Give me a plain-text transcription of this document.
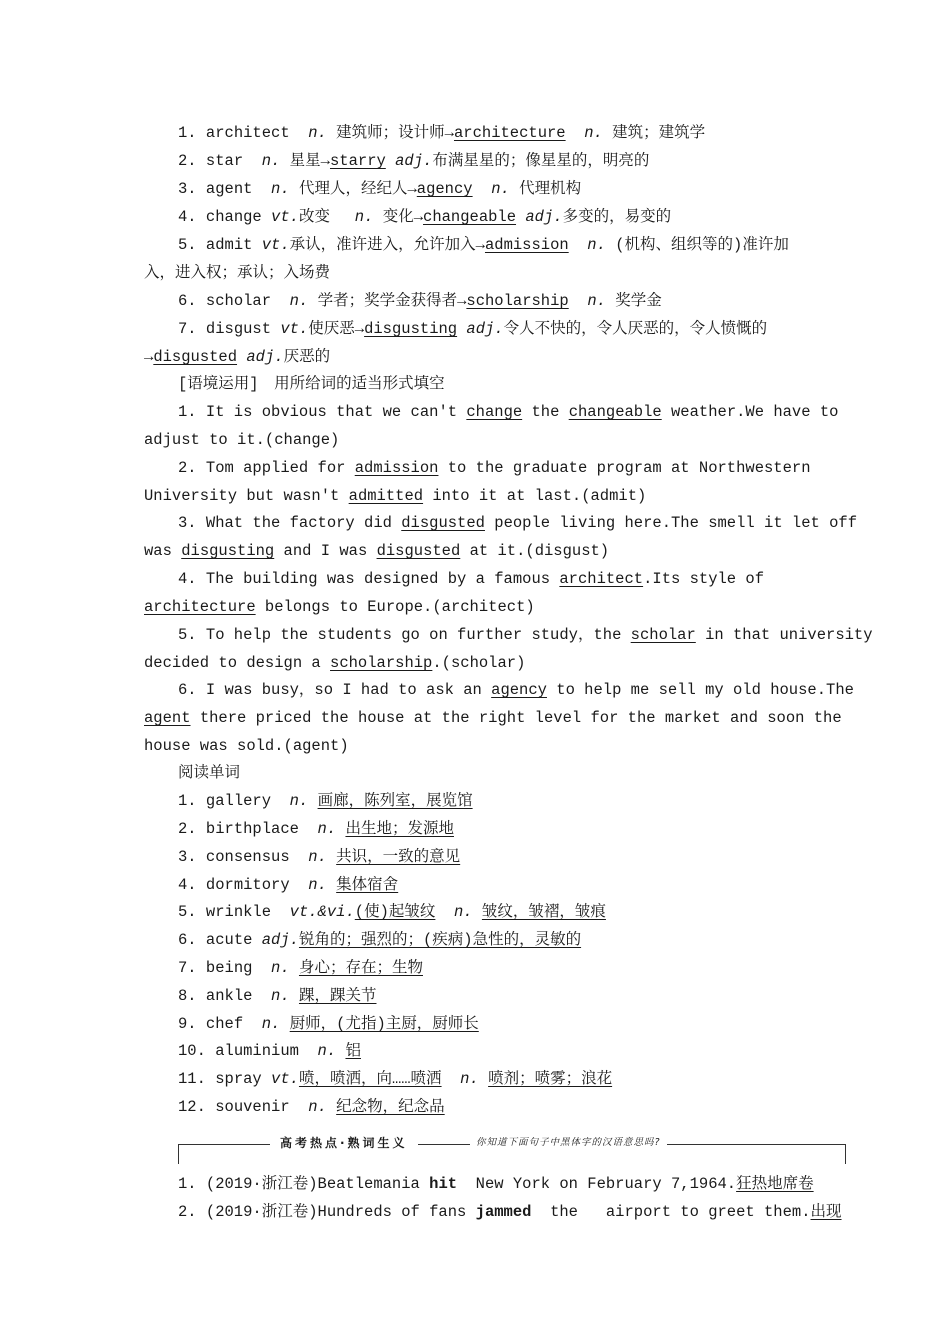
1. architect n. 建筑师；设计师→architecture n. 建筑；建筑学
2. star n. 星星→starry adj.布满星星的；像星星的，明亮的
3. agent n. 代理人，经纪人→agency n. 代理机构
4. change vt.改变　 n. 变化→changeable adj.多变的，易变的
5. admit vt.承认，准许进入，允许加入→admission n. (机构、组织等的)准许加
入，进入权；承认；入场费
6. scholar n. 学者；奖学金获得者→scholarship n. 奖学金
7. disgust vt.使厌恶→disgusting adj.令人不快的，令人厌恶的，令人愤慨的
→disgusted adj.厌恶的
[语境运用]　用所给词的适当形式填空
1. It is obvious that we can't change the changeable weather.We have to
adjust to it.(change)
2. Tom applied for admission to the graduate program at Northwestern
University but wasn't admitted into it at last.(admit)
3. What the factory did disgusted people living here.The smell it let off
was disgusting and I was disgusted at it.(disgust)
4. The building was designed by a famous architect.Its style of
architecture belongs to Europe.(architect)
5. To help the students go on further study，the scholar in that university
decided to design a scholarship.(scholar)
6. I was busy，so I had to ask an agency to help me sell my old house.The
agent there priced the house at the right level for the market and soon the
house was sold.(agent)
阅读单词
1. gallery n. 画廊，陈列室，展览馆
2. birthplace n. 出生地；发源地
3. consensus n. 共识，一致的意见
4. dormitory n. 集体宿舍
5. wrinkle vt.&vi.(使)起皱纹 n. 皱纹，皱褶，皱痕
6. acute adj.锐角的；强烈的；(疾病)急性的，灵敏的
7. being n. 身心；存在；生物
8. ankle n. 踝，踝关节
9. chef n. 厨师，(尤指)主厨，厨师长
10. aluminium n. 铝
11. spray vt.喷，喷洒，向……喷洒 n. 喷剂；喷雾；浪花
12. souvenir n. 纪念物，纪念品
高考热点·熟词生义	你知道下面句子中黑体字的汉语意思吗?
1. (2019·浙江卷)Beatlemania hit  New York on February 7,1964.狂热地席卷
2. (2019·浙江卷)Hundreds of fans jammed  the   airport to greet them.出现
